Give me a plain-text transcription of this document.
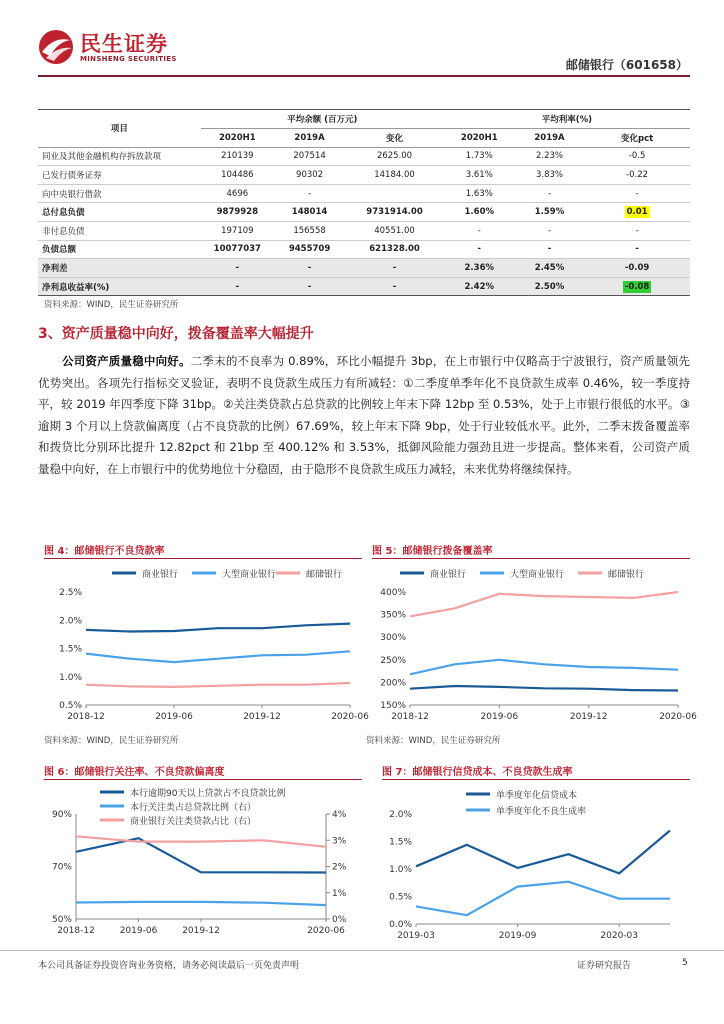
民生证券
MINSHENG SECURITIES	邮储银行（601658）
项目	平均余额 (百万元)			平均利率(%)		
	2020H1	2019A	变化	2020H1	2019A	变化pct
同业及其他金融机构存拆放款项	210139	207514	2625.00	1.73%	2.23%	-0.5
已发行债务证券	104486	90302	14184.00	3.61%	3.83%	-0.22
向中央银行借款	4696	-		1.63%	-	-
总付息负债	9879928	148014	9731914.00	1.60%	1.59%	0.01
非付息负债	197109	156558	40551.00	-	-	-
负债总额	10077037	9455709	621328.00	-	-	-
净利差	-	-	-	2.36%	2.45%	-0.09
净利息收益率(%)	-	-	-	2.42%	2.50%	-0.08
资料来源：WIND，民生证券研究所
3、资产质量稳中向好，拨备覆盖率大幅提升
公司资产质量稳中向好。二季末的不良率为 0.89%，环比小幅提升 3bp，在上市银行中仅略高于宁波银行，资产质量领先优势突出。各项先行指标交叉验证，表明不良贷款生成压力有所减轻：①二季度单季年化不良贷款生成率 0.46%，较一季度持平，较 2019 年四季度下降 31bp。②关注类贷款占总贷款的比例较上年末下降 12bp 至 0.53%，处于上市银行很低的水平。③逾期 3 个月以上贷款偏离度（占不良贷款的比例）67.69%，较上年末下降 9bp，处于行业较低水平。此外，二季末拨备覆盖率和拨贷比分别环比提升 12.82pct 和 21bp 至 400.12% 和 3.53%，抵御风险能力强劲且进一步提高。整体来看，公司资产质量稳中向好，在上市银行中的优势地位十分稳固，由于隐形不良贷款生成压力减轻，未来优势将继续保持。
图 4：邮储银行不良贷款率	图 5：邮储银行拨备覆盖率
图 6：邮储银行关注率、不良贷款偏离度	图 7：邮储银行信贷成本、不良贷款生成率
商业银行	大型商业银行	邮储银行
0.5%
1.0%
1.5%
2.0%
2.5%
2018-12	2019-06	2019-12	2020-06
商业银行	大型商业银行	邮储银行
150%
200%
250%
300%
350%
400%
2018-12	2019-06	2019-12	2020-06
本行逾期90天以上贷款占不良贷款比例
本行关注类占总贷款比例（右）
商业银行关注类贷款占比（右）
50%
70%
90%
0%
1%
2%
3%
4%
2018-12	2019-06	2019-12	2020-06
单季度年化信贷成本
单季度年化不良生成率
0.0%
0.5%
1.0%
1.5%
2.0%
2019-03	2019-09	2020-03
资料来源：WIND，民生证券研究所	资料来源：WIND，民生证券研究所
本公司具备证券投资咨询业务资格，请务必阅读最后一页免责声明	证券研究报告	5
